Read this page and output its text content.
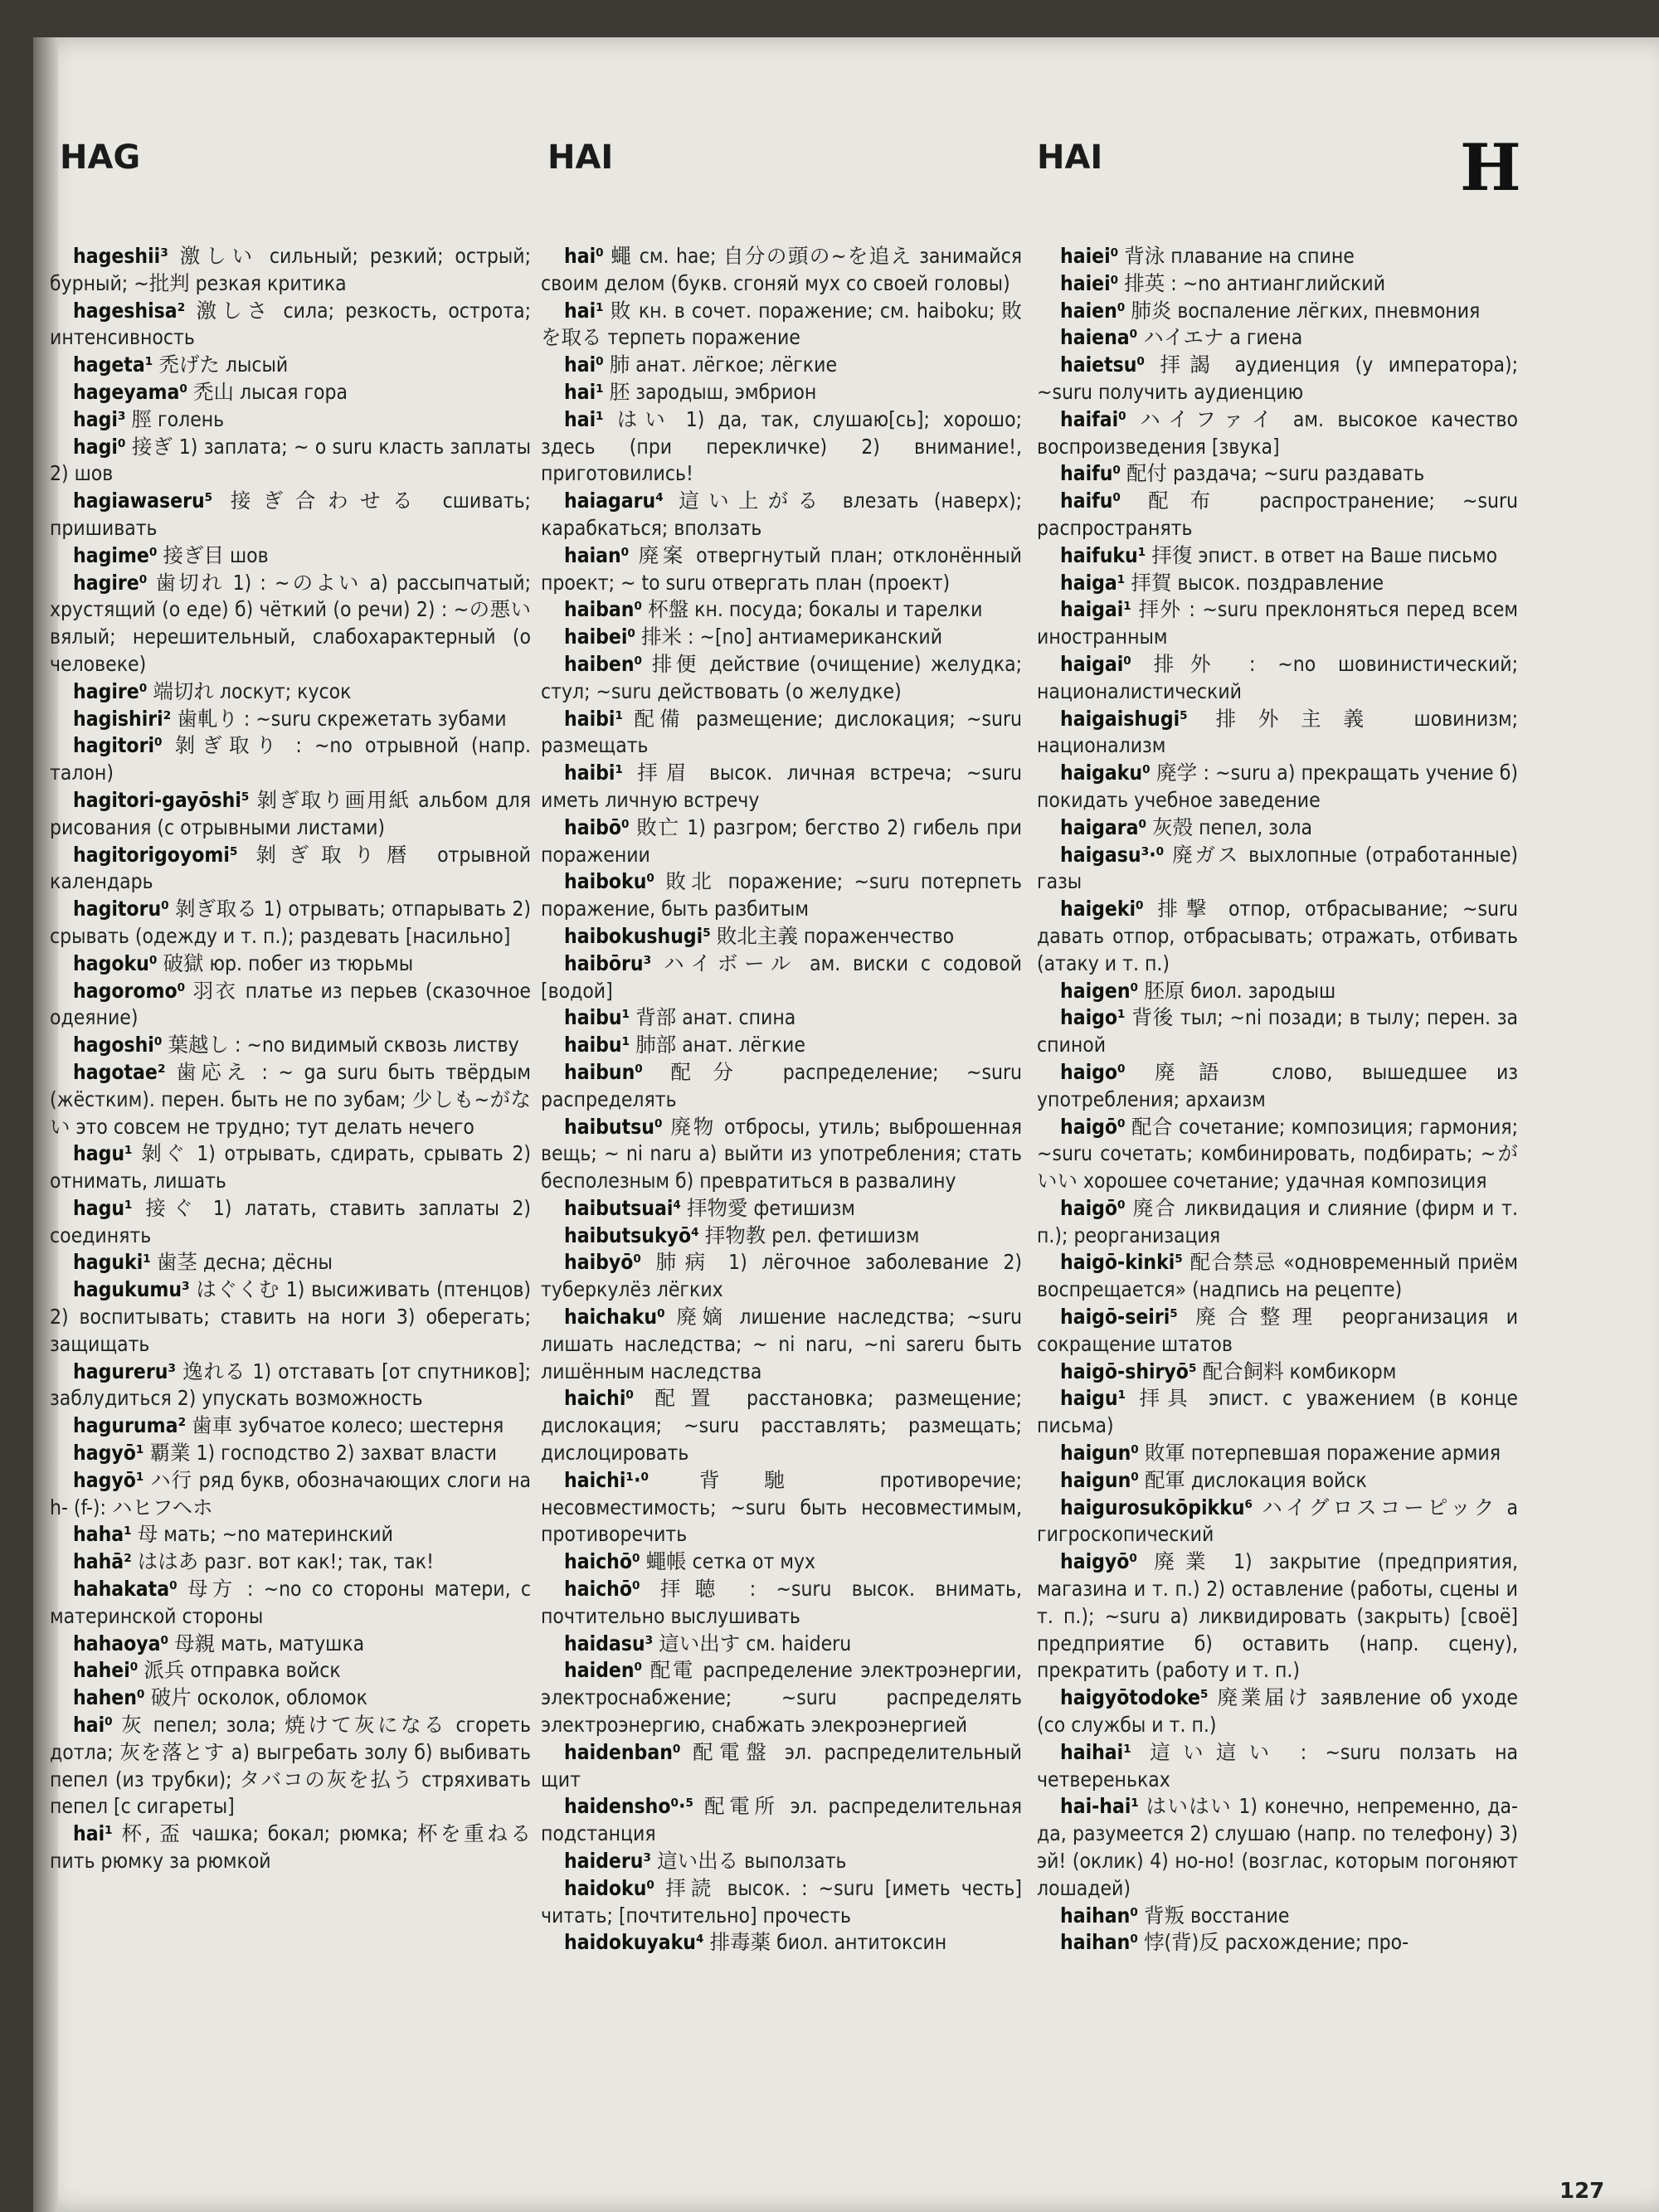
HAG	HAI	HAI	H

hageshii³ 激しい сильный; резкий; острый; бурный; ~批判 резкая критика

hageshisa² 激しさ сила; резкость, острота; интенсивность

hageta¹ 禿げた лысый

hageyama⁰ 禿山 лысая гора

hagi³ 脛 голень

hagi⁰ 接ぎ 1) заплата; ~ o suru класть заплаты 2) шов

hagiawaseru⁵ 接ぎ合わせる сшивать; пришивать

hagime⁰ 接ぎ目 шов

hagire⁰ 歯切れ 1) : ~のよい а) рассыпчатый; хрустящий (о еде) б) чёткий (о речи) 2) : ~の悪い вялый; нерешительный, слабохарактерный (о человеке)

hagire⁰ 端切れ лоскут; кусок

hagishiri² 歯軋り : ~suru скрежетать зубами

hagitori⁰ 剝ぎ取り : ~no отрывной (напр. талон)

hagitori-gayōshi⁵ 剝ぎ取り画用紙 альбом для рисования (с отрывными листами)

hagitorigoyomi⁵ 剝ぎ取り暦 отрывной календарь

hagitoru⁰ 剝ぎ取る 1) отрывать; отпарывать 2) срывать (одежду и т. п.); раздевать [насильно]

hagoku⁰ 破獄 юр. побег из тюрьмы

hagoromo⁰ 羽衣 платье из перьев (сказочное одеяние)

hagoshi⁰ 葉越し : ~no видимый сквозь листву

hagotae² 歯応え : ~ ga suru быть твёрдым (жёстким). перен. быть не по зубам; 少しも~がない это совсем не трудно; тут делать нечего

hagu¹ 剝ぐ 1) отрывать, сдирать, срывать 2) отнимать, лишать

hagu¹ 接ぐ 1) латать, ставить заплаты 2) соединять

haguki¹ 歯茎 десна; дёсны

hagukumu³ はぐくむ 1) высиживать (птенцов) 2) воспитывать; ставить на ноги 3) оберегать; защищать

hagureru³ 逸れる 1) отставать [от спутников]; заблудиться 2) упускать возможность

haguruma² 歯車 зубчатое колесо; шестерня

hagyō¹ 覇業 1) господство 2) захват власти

hagyō¹ ハ行 ряд букв, обозначающих слоги на h- (f-): ハヒフヘホ

haha¹ 母 мать; ~no материнский

hahā² ははあ разг. вот как!; так, так!

hahakata⁰ 母方 : ~no со стороны матери, с материнской стороны

hahaoya⁰ 母親 мать, матушка

hahei⁰ 派兵 отправка войск

hahen⁰ 破片 осколок, обломок

hai⁰ 灰 пепел; зола; 焼けて灰になる сгореть дотла; 灰を落とす а) выгребать золу б) выбивать пепел (из трубки); タバコの灰を払う стряхивать пепел [с сигареты]

hai¹ 杯, 盃 чашка; бокал; рюмка; 杯を重ねる пить рюмку за рюмкой

hai⁰ 蠅 см. hae; 自分の頭の~を追え занимайся своим делом (букв. сгоняй мух со своей головы)

hai¹ 敗 кн. в сочет. поражение; см. haiboku; 敗を取る терпеть поражение

hai⁰ 肺 анат. лёгкое; лёгкие

hai¹ 胚 зародыш, эмбрион

hai¹ はい 1) да, так, слушаю[сь]; хорошо; здесь (при перекличке) 2) внимание!, приготовились!

haiagaru⁴ 這い上がる влезать (наверх); карабкаться; вползать

haian⁰ 廃案 отвергнутый план; отклонённый проект; ~ to suru отвергать план (проект)

haiban⁰ 杯盤 кн. посуда; бокалы и тарелки

haibei⁰ 排米 : ~[no] антиамериканский

haiben⁰ 排便 действие (очищение) желудка; стул; ~suru действовать (о желудке)

haibi¹ 配備 размещение; дислокация; ~suru размещать

haibi¹ 拝眉 высок. личная встреча; ~suru иметь личную встречу

haibō⁰ 敗亡 1) разгром; бегство 2) гибель при поражении

haiboku⁰ 敗北 поражение; ~suru потерпеть поражение, быть разбитым

haibokushugi⁵ 敗北主義 пораженчество

haibōru³ ハイボール ам. виски с содовой [водой]

haibu¹ 背部 анат. спина

haibu¹ 肺部 анат. лёгкие

haibun⁰ 配分 распределение; ~suru распределять

haibutsu⁰ 廃物 отбросы, утиль; выброшенная вещь; ~ ni naru а) выйти из употребления; стать бесполезным б) превратиться в развалину

haibutsuai⁴ 拝物愛 фетишизм

haibutsukyō⁴ 拝物教 рел. фетишизм

haibyō⁰ 肺病 1) лёгочное заболевание 2) туберкулёз лёгких

haichaku⁰ 廃嫡 лишение наследства; ~suru лишать наследства; ~ ni naru, ~ni sareru быть лишённым наследства

haichi⁰ 配置 расстановка; размещение; дислокация; ~suru расставлять; размещать; дислоцировать

haichi¹·⁰ 背馳 противоречие; несовместимость; ~suru быть несовместимым, противоречить

haichō⁰ 蠅帳 сетка от мух

haichō⁰ 拝聴 : ~suru высок. внимать, почтительно выслушивать

haidasu³ 這い出す см. haideru

haiden⁰ 配電 распределение электроэнергии, электроснабжение; ~suru распределять электроэнергию, снабжать элекроэнергией

haidenban⁰ 配電盤 эл. распределительный щит

haidensho⁰·⁵ 配電所 эл. распределительная подстанция

haideru³ 這い出る выползать

haidoku⁰ 拝読 высок. : ~suru [иметь честь] читать; [почтительно] прочесть

haidokuyaku⁴ 排毒薬 биол. антитоксин

haiei⁰ 背泳 плавание на спине

haiei⁰ 排英 : ~no антианглийский

haien⁰ 肺炎 воспаление лёгких, пневмония

haiena⁰ ハイエナ а гиена

haietsu⁰ 拝謁 аудиенция (у императора); ~suru получить аудиенцию

haifai⁰ ハイファイ ам. высокое качество воспроизведения [звука]

haifu⁰ 配付 раздача; ~suru раздавать

haifu⁰ 配布 распространение; ~suru распространять

haifuku¹ 拝復 эпист. в ответ на Ваше письмо

haiga¹ 拝賀 высок. поздравление

haigai¹ 拝外 : ~suru преклоняться перед всем иностранным

haigai⁰ 排外 : ~no шовинистический; националистический

haigaishugi⁵ 排外主義 шовинизм; национализм

haigaku⁰ 廃学 : ~suru а) прекращать учение б) покидать учебное заведение

haigara⁰ 灰殻 пепел, зола

haigasu³·⁰ 廃ガス выхлопные (отработанные) газы

haigeki⁰ 排撃 отпор, отбрасывание; ~suru давать отпор, отбрасывать; отражать, отбивать (атаку и т. п.)

haigen⁰ 胚原 биол. зародыш

haigo¹ 背後 тыл; ~ni позади; в тылу; перен. за спиной

haigo⁰ 廃語 слово, вышедшее из употребления; архаизм

haigō⁰ 配合 сочетание; композиция; гармония; ~suru сочетать; комбинировать, подбирать; ~がいい хорошее сочетание; удачная композиция

haigō⁰ 廃合 ликвидация и слияние (фирм и т. п.); реорганизация

haigō-kinki⁵ 配合禁忌 «одновременный приём воспрещается» (надпись на рецепте)

haigō-seiri⁵ 廃合整理 реорганизация и сокращение штатов

haigō-shiryō⁵ 配合飼料 комбикорм

haigu¹ 拝具 эпист. с уважением (в конце письма)

haigun⁰ 敗軍 потерпевшая поражение армия

haigun⁰ 配軍 дислокация войск

haigurosukōpikku⁶ ハイグロスコーピック а гигроскопический

haigyō⁰ 廃業 1) закрытие (предприятия, магазина и т. п.) 2) оставление (работы, сцены и т. п.); ~suru а) ликвидировать (закрыть) [своё] предприятие б) оставить (напр. сцену), прекратить (работу и т. п.)

haigyōtodoke⁵ 廃業届け заявление об уходе (со службы и т. п.)

haihai¹ 這い這い : ~suru ползать на четвереньках

hai-hai¹ はいはい 1) конечно, непременно, да-да, разумеется 2) слушаю (напр. по телефону) 3) эй! (оклик) 4) но-но! (возглас, которым погоняют лошадей)

haihan⁰ 背叛 восстание

haihan⁰ 悖(背)反 расхождение; про-

127
